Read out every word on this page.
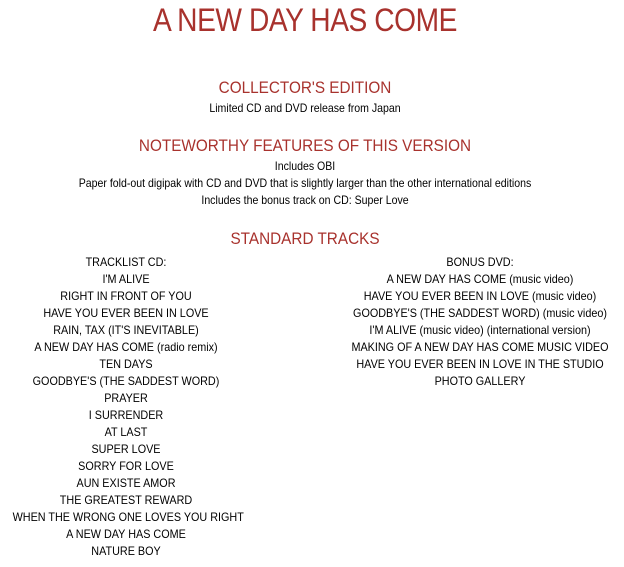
A NEW DAY HAS COME
COLLECTOR'S EDITION
Limited CD and DVD release from Japan
NOTEWORTHY FEATURES OF THIS VERSION
Includes OBI
Paper fold-out digipak with CD and DVD that is slightly larger than the other international editions
Includes the bonus track on CD: Super Love
STANDARD TRACKS
TRACKLIST CD:
I'M ALIVE
RIGHT IN FRONT OF YOU
HAVE YOU EVER BEEN IN LOVE
RAIN, TAX (IT'S INEVITABLE)
A NEW DAY HAS COME (radio remix)
TEN DAYS
GOODBYE'S (THE SADDEST WORD)
PRAYER
I SURRENDER
AT LAST
SUPER LOVE
SORRY FOR LOVE
AUN EXISTE AMOR
THE GREATEST REWARD
WHEN THE WRONG ONE LOVES YOU RIGHT
A NEW DAY HAS COME
NATURE BOY
BONUS DVD:
A NEW DAY HAS COME (music video)
HAVE YOU EVER BEEN IN LOVE (music video)
GOODBYE'S (THE SADDEST WORD) (music video)
I'M ALIVE (music video) (international version)
MAKING OF A NEW DAY HAS COME MUSIC VIDEO
HAVE YOU EVER BEEN IN LOVE IN THE STUDIO
PHOTO GALLERY
